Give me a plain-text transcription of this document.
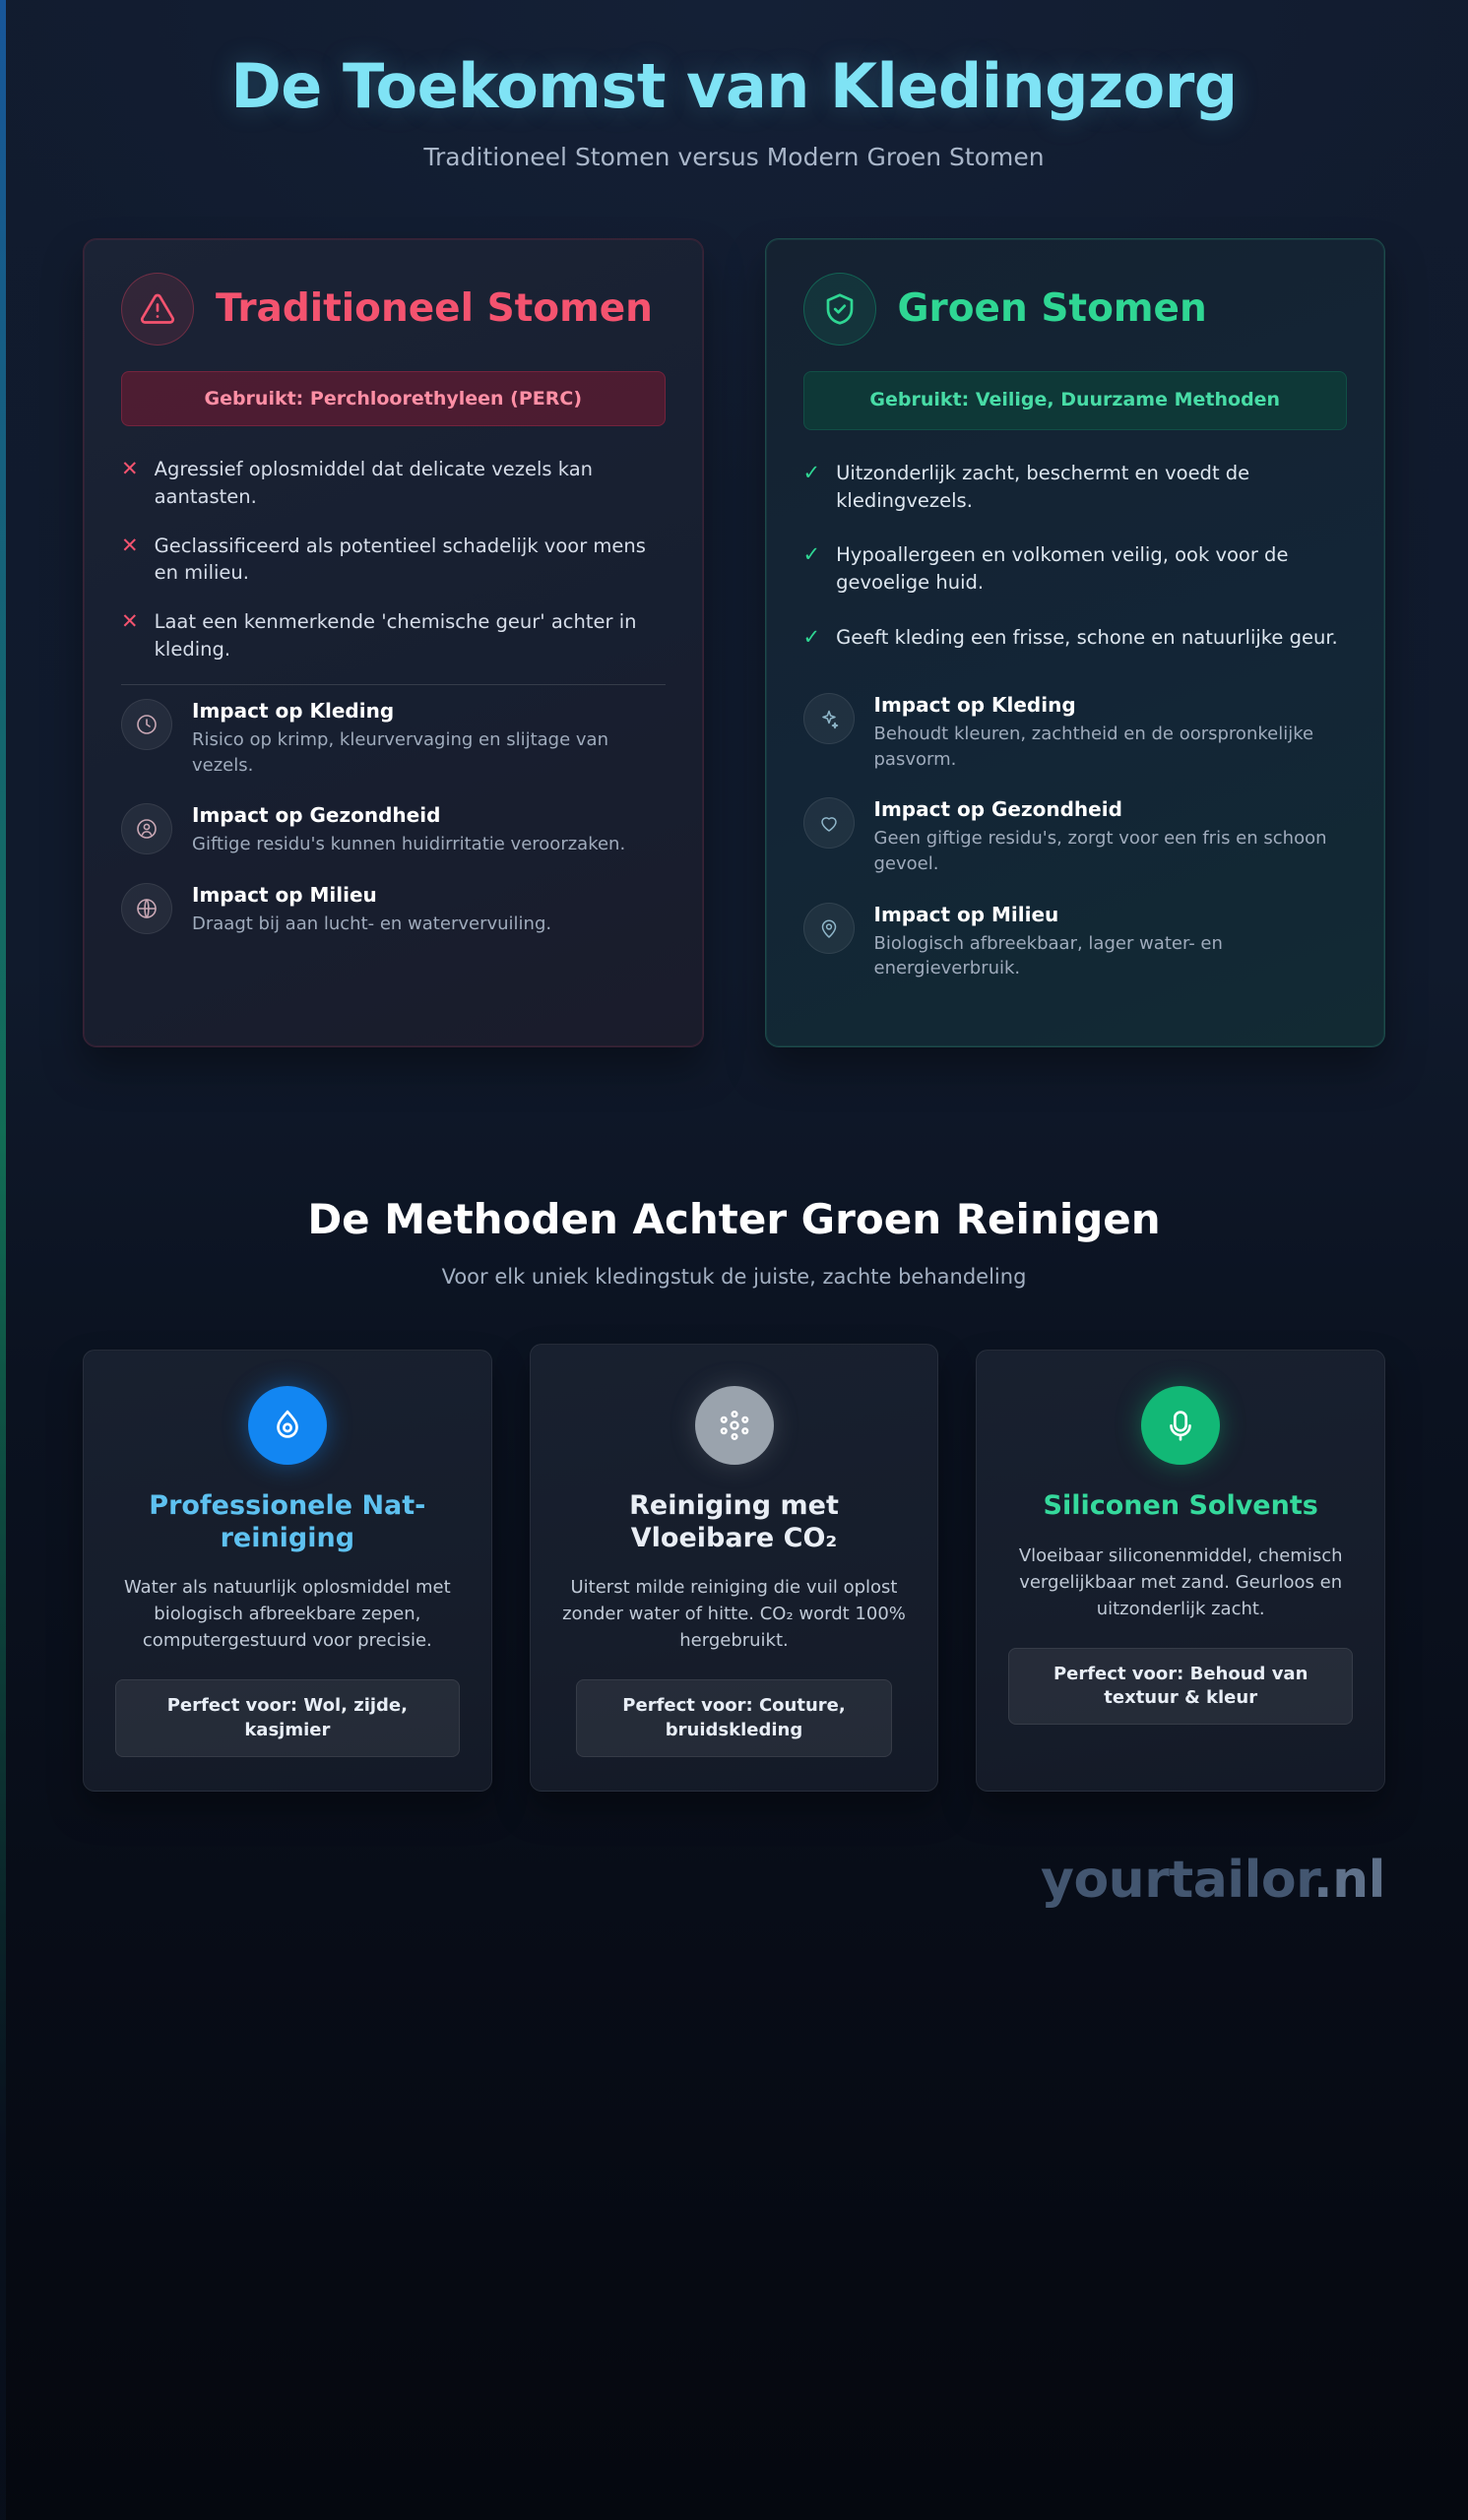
De Toekomst van Kledingzorg
Traditioneel Stomen versus Modern Groen Stomen
Traditioneel Stomen
Gebruikt: Perchloorethyleen (PERC)
✕ Agressief oplosmiddel dat delicate vezels kan aantasten.
✕ Geclassificeerd als potentieel schadelijk voor mens en milieu.
✕ Laat een kenmerkende 'chemische geur' achter in kleding.
Impact op Kleding

Risico op krimp, kleurvervaging en slijtage van vezels.

Impact op Gezondheid

Giftige residu's kunnen huidirritatie veroorzaken.

Impact op Milieu

Draagt bij aan lucht- en watervervuiling.

Groen Stomen
Gebruikt: Veilige, Duurzame Methoden
✓ Uitzonderlijk zacht, beschermt en voedt de kledingvezels.
✓ Hypoallergeen en volkomen veilig, ook voor de gevoelige huid.
✓ Geeft kleding een frisse, schone en natuurlijke geur.
Impact op Kleding

Behoudt kleuren, zachtheid en de oorspronkelijke pasvorm.

Impact op Gezondheid

Geen giftige residu's, zorgt voor een fris en schoon gevoel.

Impact op Milieu

Biologisch afbreekbaar, lager water- en energieverbruik.

De Methoden Achter Groen Reinigen
Voor elk uniek kledingstuk de juiste, zachte behandeling
Professionele Nat-reiniging
Water als natuurlijk oplosmiddel met biologisch afbreekbare zepen, computergestuurd voor precisie.
Perfect voor: Wol, zijde, kasjmier
Reiniging met
Vloeibare CO₂
Uiterst milde reiniging die vuil oplost zonder water of hitte. CO₂ wordt 100% hergebruikt.
Perfect voor: Couture, bruidskleding
Siliconen Solvents
Vloeibaar siliconenmiddel, chemisch vergelijkbaar met zand. Geurloos en uitzonderlijk zacht.
Perfect voor: Behoud van textuur & kleur
yourtailor.nl
